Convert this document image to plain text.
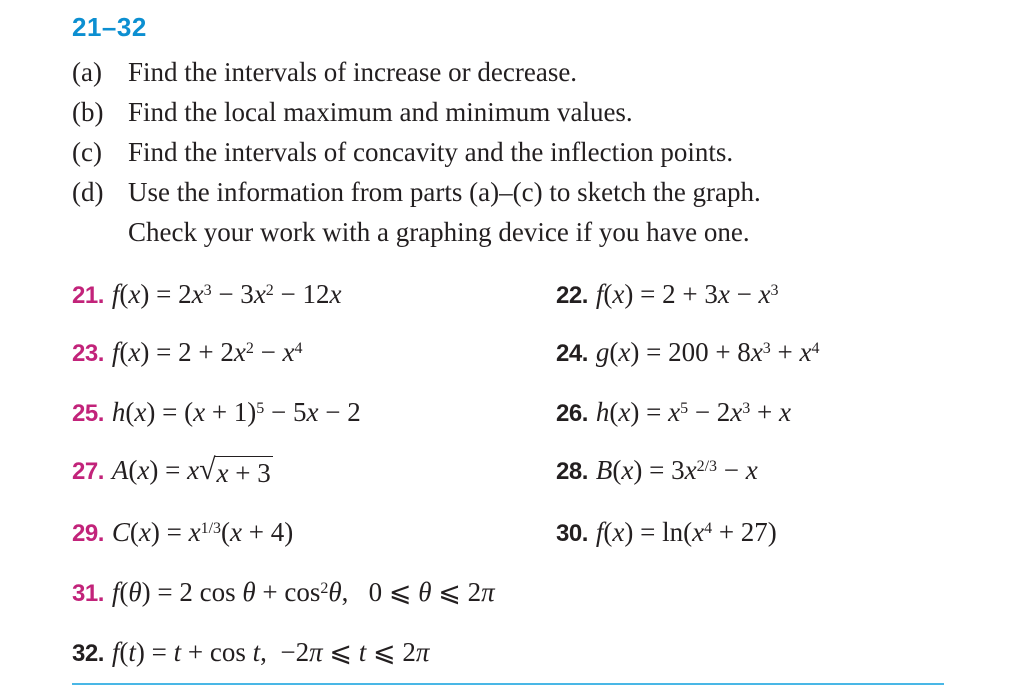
21–32
(a) Find the intervals of increase or decrease.
(b) Find the local maximum and minimum values.
(c) Find the intervals of concavity and the inflection points.
(d) Use the information from parts (a)–(c) to sketch the graph.
Check your work with a graphing device if you have one.
21. $f(x) = 2x^3 - 3x^2 - 12x$
23. $f(x) = 2 + 2x^2 - x^4$
25. $h(x) = (x + 1)^5 - 5x - 2$
27. A(x) = x √ x + 3
29. $C(x) = x^{1/3}(x + 4)$
31. f(θ) = 2 $\cos \theta + \cos^2\theta$,   0 ⩽ θ ⩽ 2π
32. f(t) = t + cos t,  −2π ⩽ t ⩽ 2π
22. $f(x) = 2 + 3x - x^3$
24. $g(x) = 200 + 8x^3 + x^4$
26. $h(x) = x^5 - 2x^3 + x$
28. $B(x) = 3x^{2/3} - x$
30. $f(x) = \ln(x^4 + 27)$
